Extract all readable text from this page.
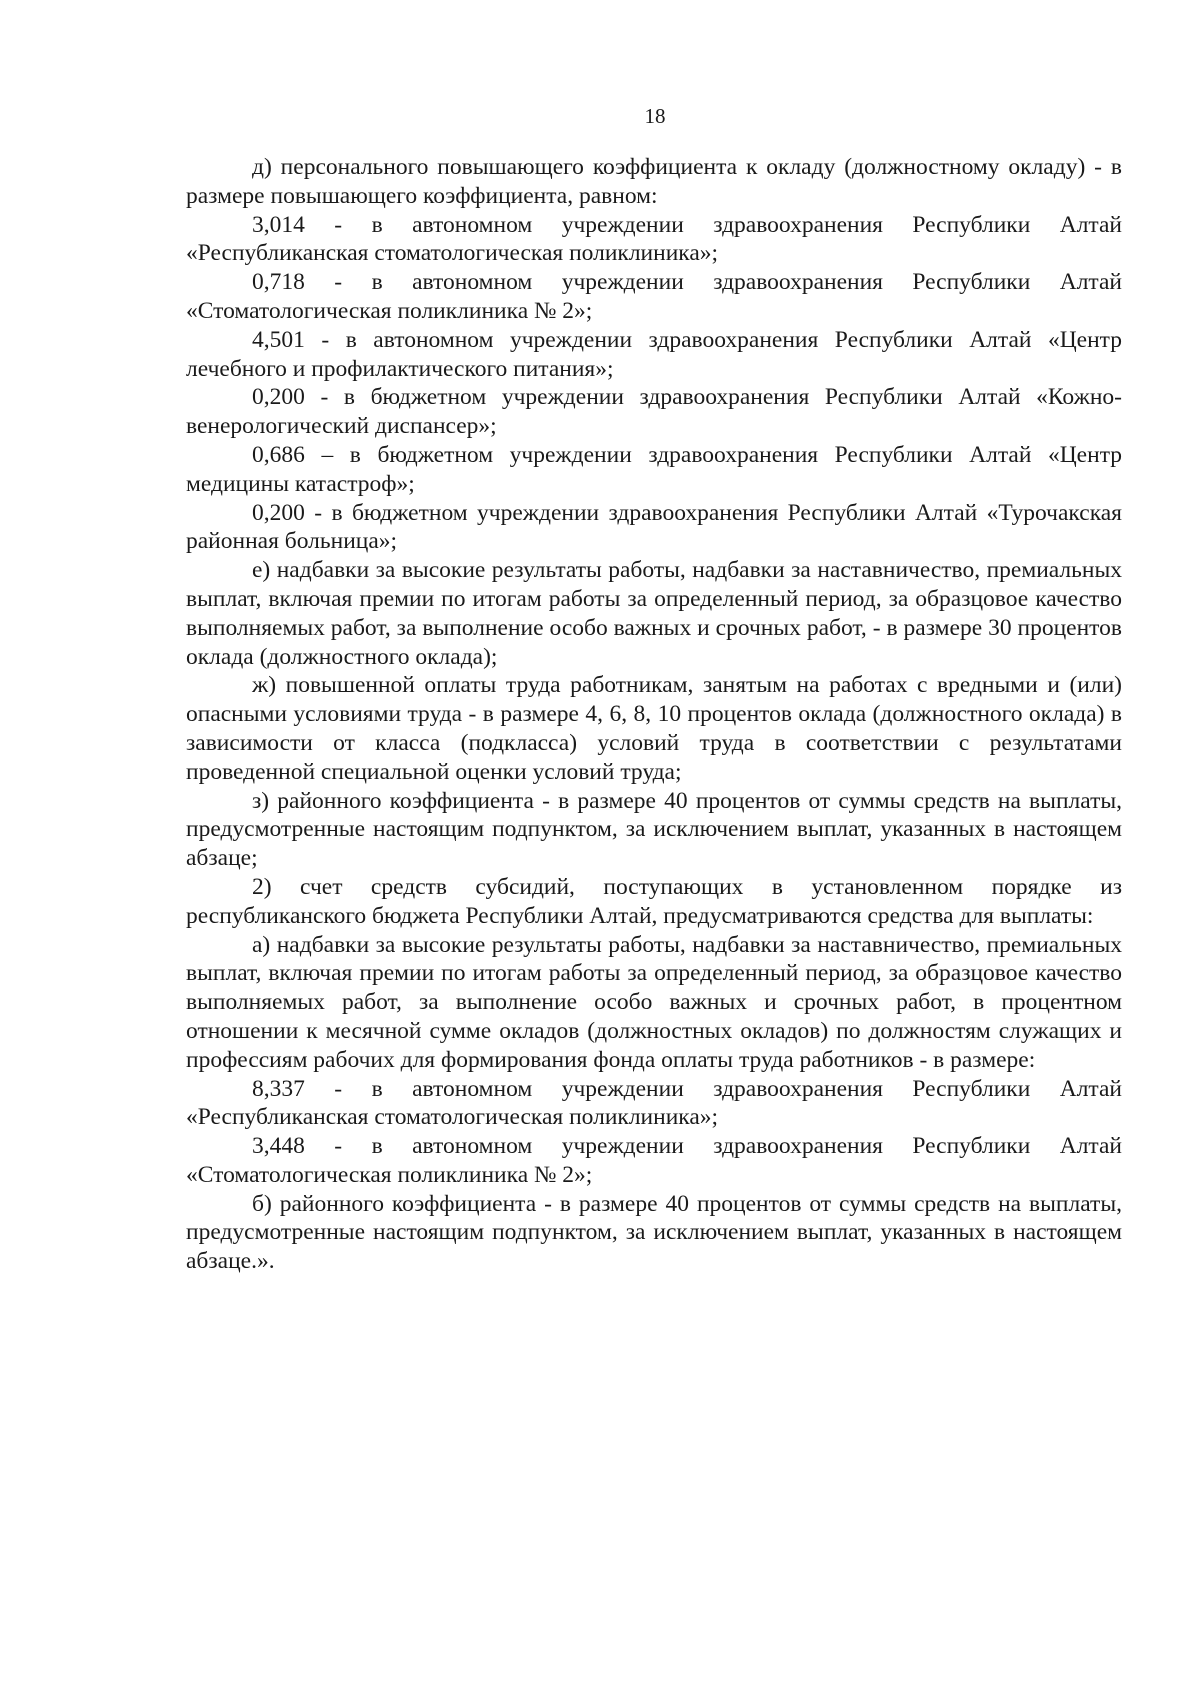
18

д) персонального повышающего коэффициента к окладу (должностному окладу) - в размере повышающего коэффициента, равном:

3,014 - в автономном учреждении здравоохранения Республики Алтай «Республиканская стоматологическая поликлиника»;

0,718 - в автономном учреждении здравоохранения Республики Алтай «Стоматологическая поликлиника № 2»;

4,501 - в автономном учреждении здравоохранения Республики Алтай «Центр лечебного и профилактического питания»;

0,200 - в бюджетном учреждении здравоохранения Республики Алтай «Кожно-венерологический диспансер»;

0,686 – в бюджетном учреждении здравоохранения Республики Алтай «Центр медицины катастроф»;

0,200 - в бюджетном учреждении здравоохранения Республики Алтай «Турочакская районная больница»;

е) надбавки за высокие результаты работы, надбавки за наставничество, премиальных выплат, включая премии по итогам работы за определенный период, за образцовое качество выполняемых работ, за выполнение особо важных и срочных работ, - в размере 30 процентов оклада (должностного оклада);

ж) повышенной оплаты труда работникам, занятым на работах с вредными и (или) опасными условиями труда - в размере 4, 6, 8, 10 процентов оклада (должностного оклада) в зависимости от класса (подкласса) условий труда в соответствии с результатами проведенной специальной оценки условий труда;

з) районного коэффициента - в размере 40 процентов от суммы средств на выплаты, предусмотренные настоящим подпунктом, за исключением выплат, указанных в настоящем абзаце;

2) счет средств субсидий, поступающих в установленном порядке из республиканского бюджета Республики Алтай, предусматриваются средства для выплаты:

а) надбавки за высокие результаты работы, надбавки за наставничество, премиальных выплат, включая премии по итогам работы за определенный период, за образцовое качество выполняемых работ, за выполнение особо важных и срочных работ, в процентном отношении к месячной сумме окладов (должностных окладов) по должностям служащих и профессиям рабочих для формирования фонда оплаты труда работников - в размере:

8,337 - в автономном учреждении здравоохранения Республики Алтай «Республиканская стоматологическая поликлиника»;

3,448 - в автономном учреждении здравоохранения Республики Алтай «Стоматологическая поликлиника № 2»;

б) районного коэффициента - в размере 40 процентов от суммы средств на выплаты, предусмотренные настоящим подпунктом, за исключением выплат, указанных в настоящем абзаце.».
